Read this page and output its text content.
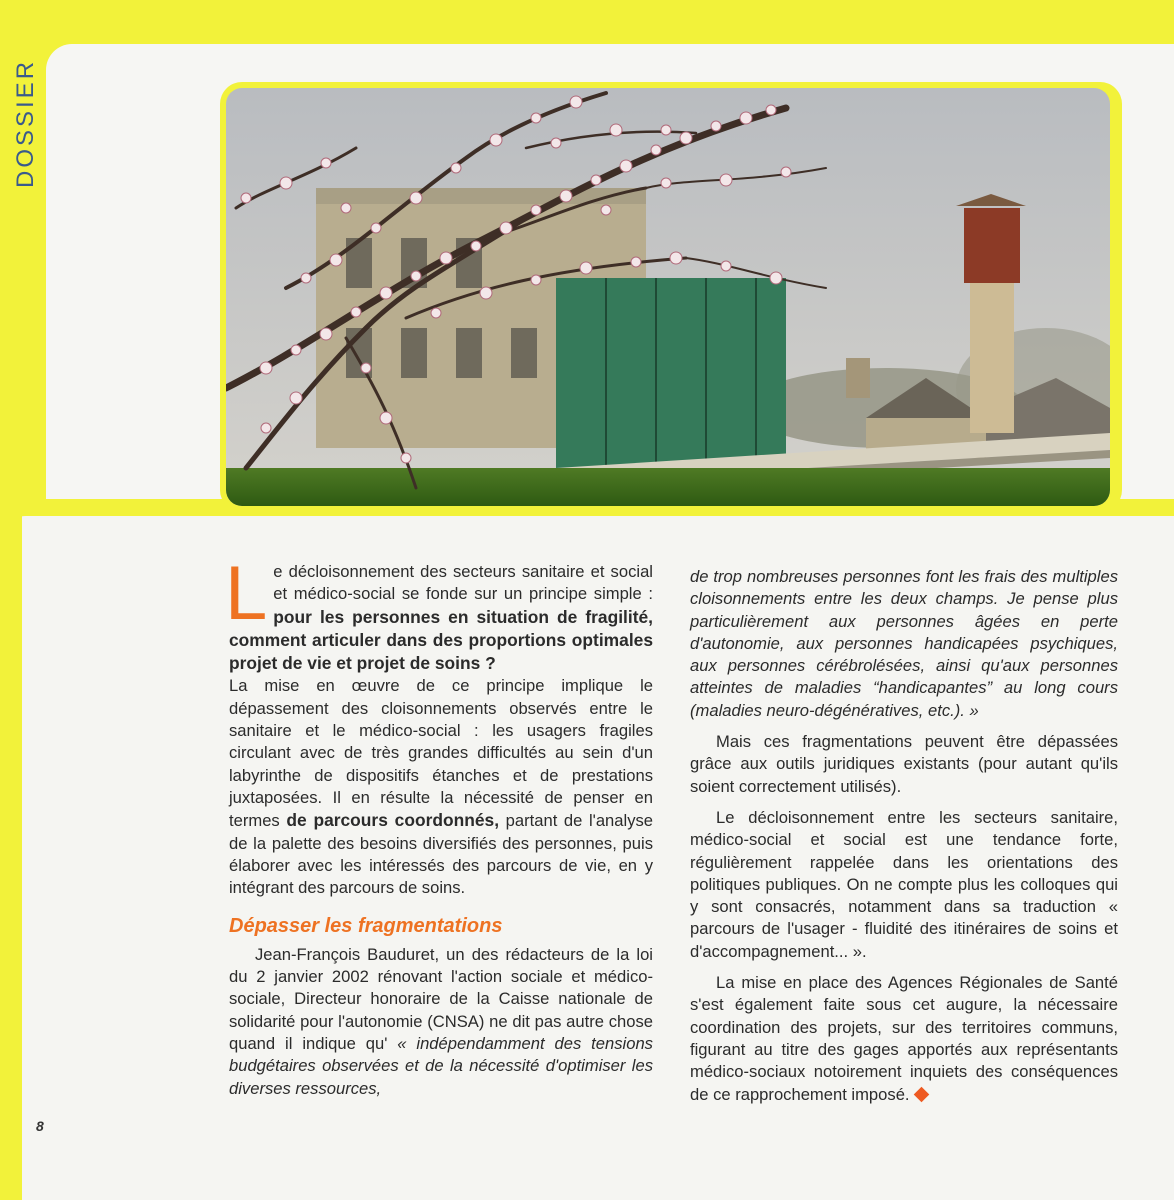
DOSSIER

Le décloisonnement des secteurs sanitaire et social et médico-social se fonde sur un principe simple : pour les personnes en situation de fragilité, comment articuler dans des proportions optimales projet de vie et projet de soins ?

La mise en œuvre de ce principe implique le dépassement des cloisonnements observés entre le sanitaire et le médico-social : les usagers fragiles circulant avec de très grandes difficultés au sein d'un labyrinthe de dispositifs étanches et de prestations juxtaposées. Il en résulte la nécessité de penser en termes de parcours coordonnés, partant de l'analyse de la palette des besoins diversifiés des personnes, puis élaborer avec les intéressés des parcours de vie, en y intégrant des parcours de soins.

Dépasser les fragmentations

Jean-François Bauduret, un des rédacteurs de la loi du 2 janvier 2002 rénovant l'action sociale et médico-sociale, Directeur honoraire de la Caisse nationale de solidarité pour l'autonomie (CNSA) ne dit pas autre chose quand il indique qu' « indépendamment des tensions budgétaires observées et de la nécessité d'optimiser les diverses ressources,

de trop nombreuses personnes font les frais des multiples cloisonnements entre les deux champs. Je pense plus particulièrement aux personnes âgées en perte d'autonomie, aux personnes handicapées psychiques, aux personnes cérébrolésées, ainsi qu'aux personnes atteintes de maladies “handicapantes” au long cours (maladies neuro-dégénératives, etc.). »

Mais ces fragmentations peuvent être dépassées grâce aux outils juridiques existants (pour autant qu'ils soient correctement utilisés).

Le décloisonnement entre les secteurs sanitaire, médico-social et social est une tendance forte, régulièrement rappelée dans les orientations des politiques publiques. On ne compte plus les colloques qui y sont consacrés, notamment dans sa traduction « parcours de l'usager - fluidité des itinéraires de soins et d'accompagnement... ».

La mise en place des Agences Régionales de Santé s'est également faite sous cet augure, la nécessaire coordination des projets, sur des territoires communs, figurant au titre des gages apportés aux représentants médico-sociaux notoirement inquiets des conséquences de ce rapprochement imposé.

8
